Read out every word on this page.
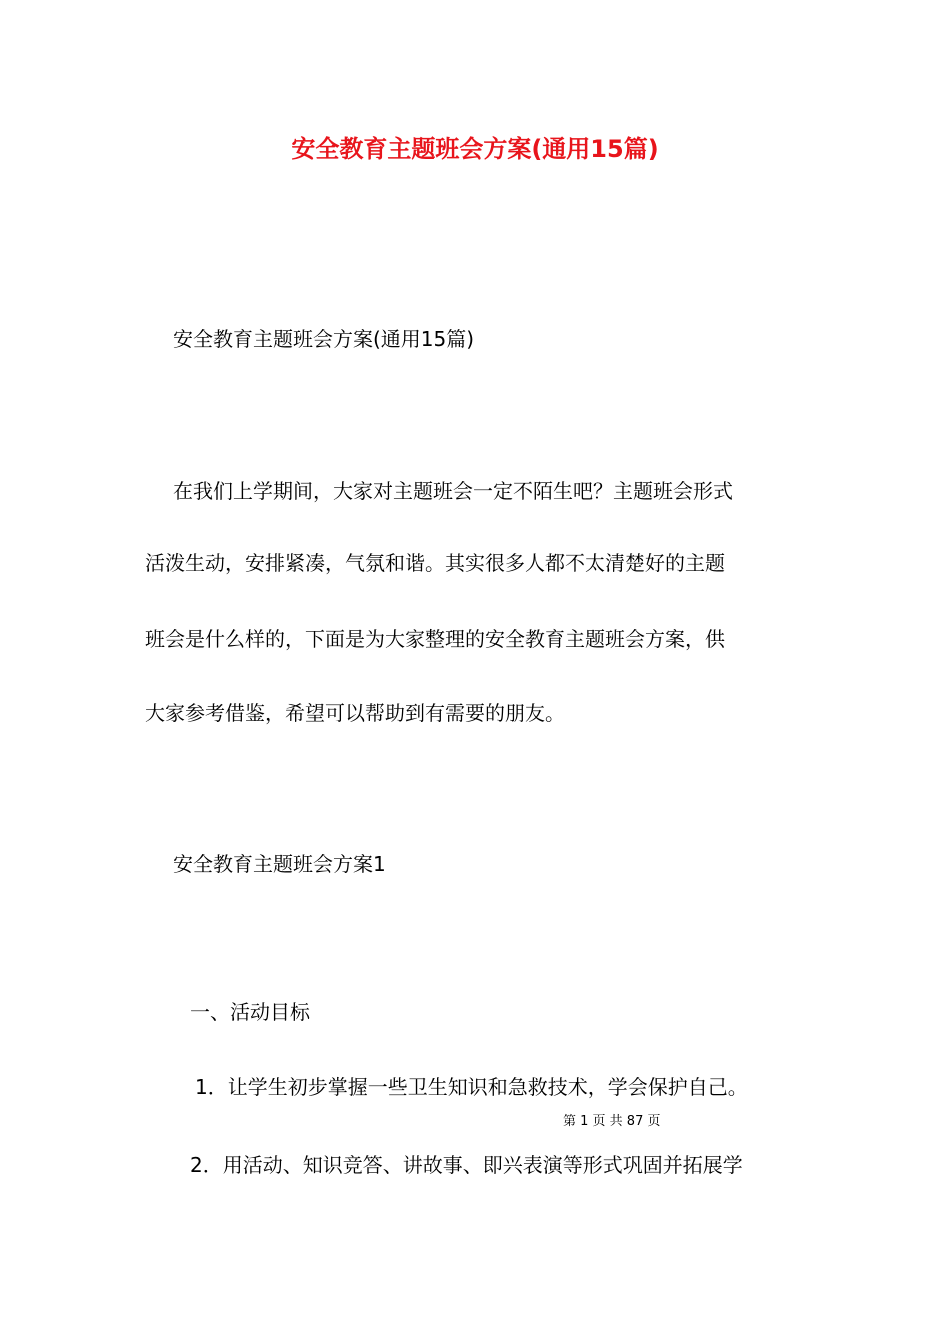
安全教育主题班会方案(通用15篇)

安全教育主题班会方案(通用15篇)

在我们上学期间，大家对主题班会一定不陌生吧？主题班会形式
活泼生动，安排紧凑，气氛和谐。其实很多人都不太清楚好的主题
班会是什么样的，下面是为大家整理的安全教育主题班会方案，供
大家参考借鉴，希望可以帮助到有需要的朋友。

安全教育主题班会方案1

一、活动目标

1．让学生初步掌握一些卫生知识和急救技术，学会保护自己。

第 1 页 共 87 页

2．用活动、知识竞答、讲故事、即兴表演等形式巩固并拓展学
